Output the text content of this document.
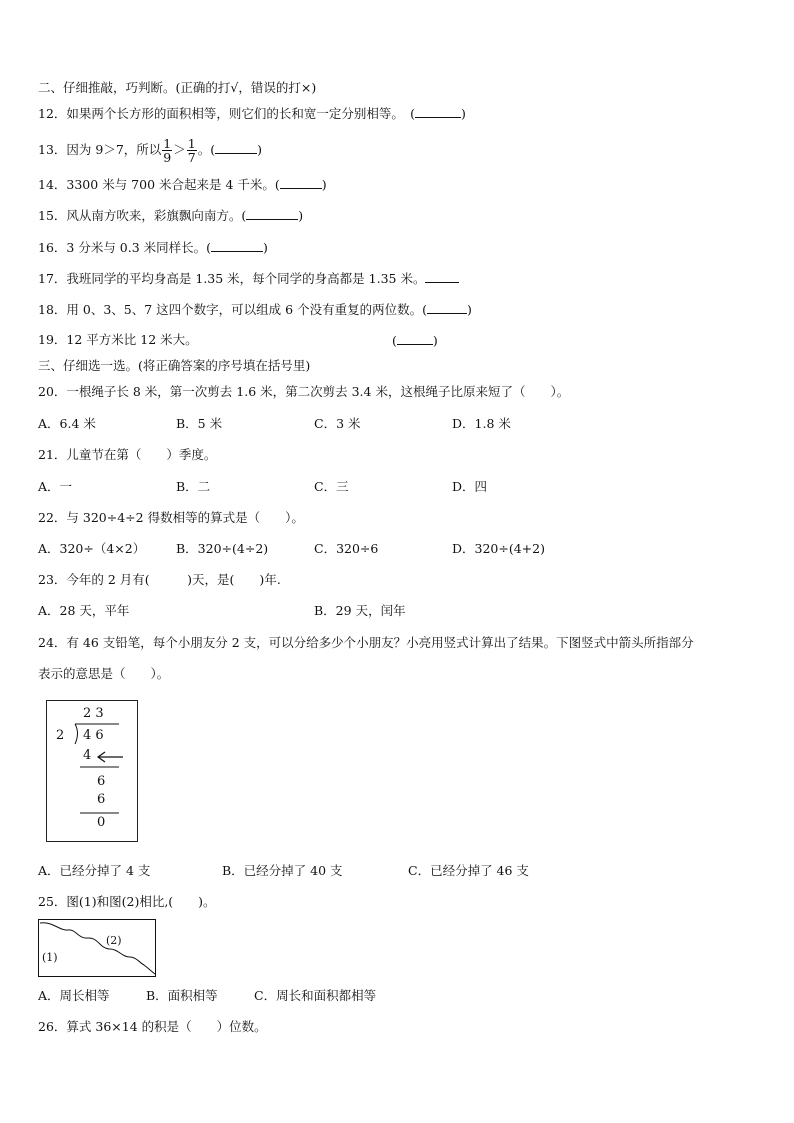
二、仔细推敲，巧判断。(正确的打√，错误的打×)
12．如果两个长方形的面积相等，则它们的长和宽一定分别相等。　(	)
13．因为 9＞7，所以 $\frac{1}{9} > \frac{1}{7}$ 。(	)
14．3300 米与 700 米合起来是 4 千米。(	)
15．风从南方吹来，彩旗飘向南方。(	)
16．3 分米与 0.3 米同样长。(	)
17．我班同学的平均身高是 1.35 米，每个同学的身高都是 1.35 米。
18．用 0、3、5、7 这四个数字，可以组成 6 个没有重复的两位数。(	)
19．12 平方米比 12 米大。	(	)
三、仔细选一选。(将正确答案的序号填在括号里)
20．一根绳子长 8 米，第一次剪去 1.6 米，第二次剪去 3.4 米，这根绳子比原来短了（　　）。
A．6.4 米	B．5 米	C．3 米	D．1.8 米
21．儿童节在第（　　）季度。
A．一	B．二	C．三	D．四
22．与 320÷4÷2 得数相等的算式是（　　）。
A．320÷（4×2） B．320÷(4÷2)	C．320÷6	D．320÷(4+2)
23．今年的 2 月有(　　　)天，是(　　)年.
A．28 天，平年	B．29 天，闰年
24．有 46 支铅笔，每个小朋友分 2 支，可以分给多少个小朋友？小亮用竖式计算出了结果。下图竖式中箭头所指部分
表示的意思是（　　）。
2 3
2 4 6
4
6
6
0
A．已经分掉了 4 支	B．已经分掉了 40 支	C．已经分掉了 46 支
25．图(1)和图(2)相比,(　　)。
(2)
(1)
A．周长相等	B．面积相等	C．周长和面积都相等
26．算式 36×14 的积是（　　）位数。
